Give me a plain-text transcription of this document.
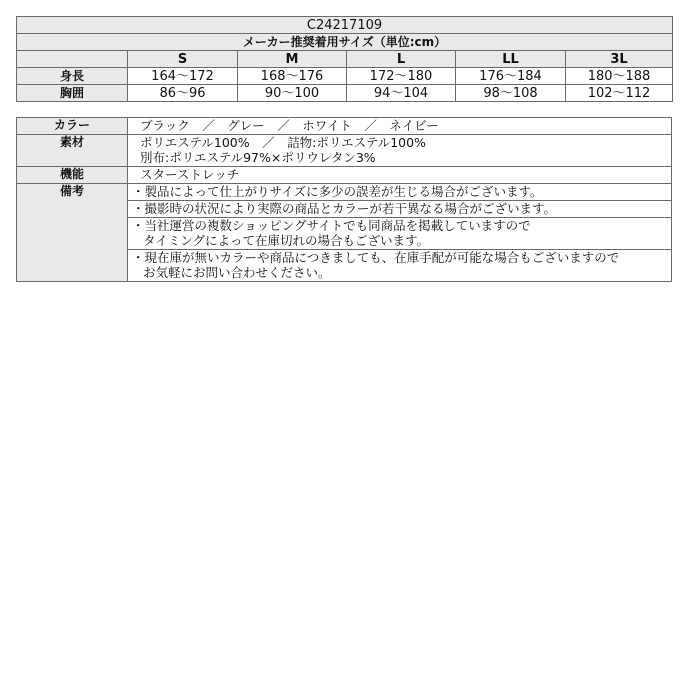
C24217109					
メーカー推奨着用サイズ（単位:cm）					
	S	M	L	LL	3L
身長	164～172	168～176	172～180	176～184	180～188
胸囲	86～96	90～100	94～104	98～108	102～112
カラー	ブラック　／　グレー　／　ホワイト　／　ネイビー
素材	ポリエステル100%　／　詰物:ポリエステル100%
別布:ポリエステル97%×ポリウレタン3%

機能	スターストレッチ
備考	・製品によって仕上がりサイズに多少の誤差が生じる場合がございます。

	・撮影時の状況により実際の商品とカラーが若干異なる場合がございます。

	・当社運営の複数ショッピングサイトでも同商品を掲載していますので
タイミングによって在庫切れの場合もございます。

	・現在庫が無いカラーや商品につきましても、在庫手配が可能な場合もございますので
お気軽にお問い合わせください。
